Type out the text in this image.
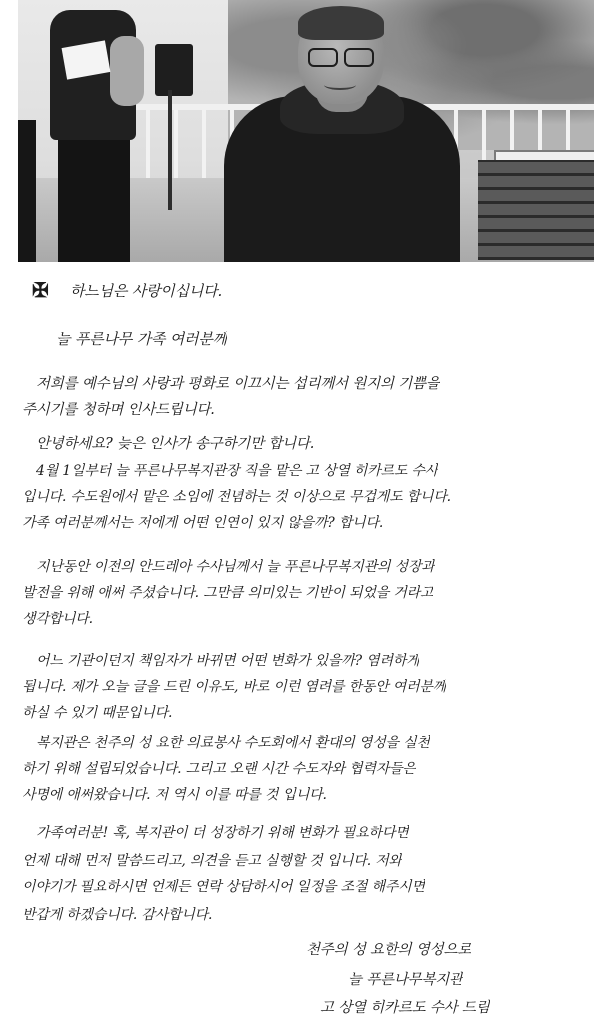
✠ 하느님은 사랑이십니다.
늘 푸른나무 가족 여러분께
저희를 예수님의 사랑과 평화로 이끄시는 섭리께서 원지의 기쁨을
주시기를 청하며 인사드립니다.
안녕하세요? 늦은 인사가 송구하기만 합니다.
4월 1일부터 늘 푸른나무복지관장 직을 맡은 고 상열 히카르도 수사
입니다. 수도원에서 맡은 소임에 전념하는 것 이상으로 무겁게도 합니다.
가족 여러분께서는 저에게 어떤 인연이 있지 않을까? 합니다.
지난동안 이전의 안드레아 수사님께서 늘 푸른나무복지관의 성장과
발전을 위해 애써 주셨습니다. 그만큼 의미있는 기반이 되었을 거라고
생각합니다.
어느 기관이던지 책임자가 바뀌면 어떤 변화가 있을까? 염려하게
됩니다. 제가 오늘 글을 드린 이유도, 바로 이런 염려를 한동안 여러분께
하실 수 있기 때문입니다.
복지관은 천주의 성 요한 의료봉사 수도회에서 환대의 영성을 실천
하기 위해 설립되었습니다. 그리고 오랜 시간 수도자와 협력자들은
사명에 애써왔습니다. 저 역시 이를 따를 것 입니다.
가족여러분! 혹, 복지관이 더 성장하기 위해 변화가 필요하다면
언제 대해 먼저 말씀드리고, 의견을 듣고 실행할 것 입니다. 저와
이야기가 필요하시면 언제든 연락 상담하시어 일정을 조절 해주시면
반갑게 하겠습니다. 감사합니다.
천주의 성 요한의 영성으로
늘 푸른나무복지관
고 상열 히카르도 수사 드림
